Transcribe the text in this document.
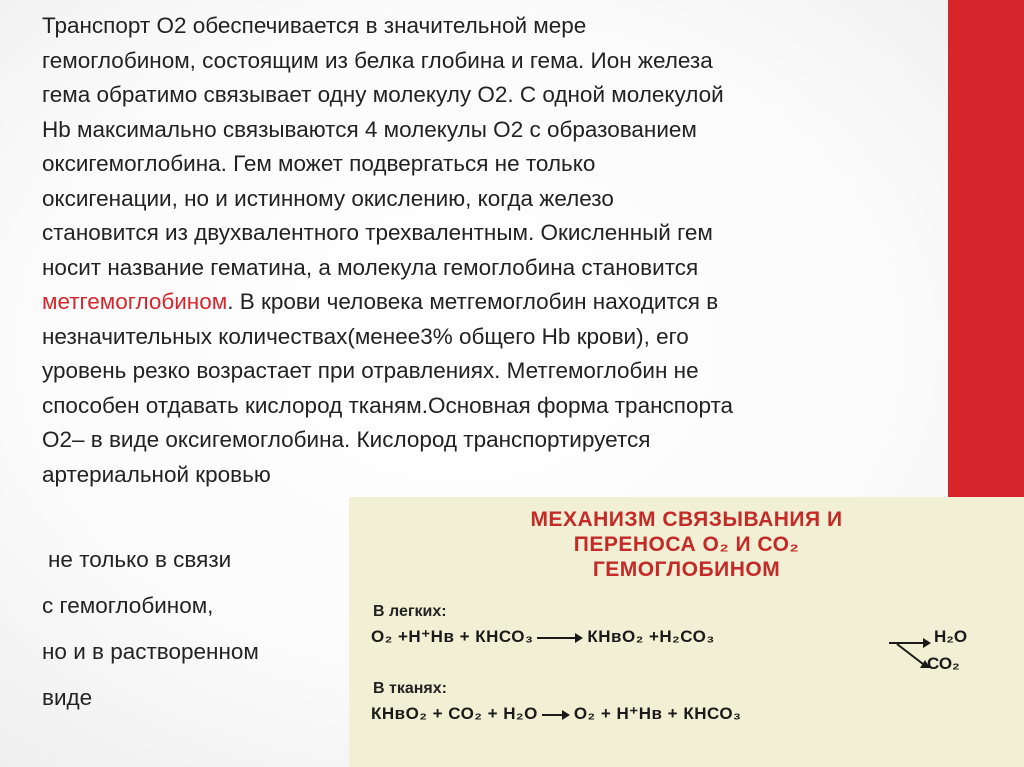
Транспорт О2 обеспечивается в значительной мере
гемоглобином, состоящим из белка глобина и гема. Ион железа
гема обратимо связывает одну молекулу О2. С одной молекулой
Hb максимально связываются 4 молекулы О2 с образованием
оксигемоглобина. Гем может подвергаться не только
оксигенации, но и истинному окислению, когда железо
становится из двухвалентного трехвалентным. Окисленный гем
носит название гематина, а молекула гемоглобина становится
метгемоглобином. В крови человека метгемоглобин находится в
незначительных количествах(менее3% общего Hb крови), его
уровень резко возрастает при отравлениях. Метгемоглобин не
способен отдавать кислород тканям.Основная форма транспорта
О2– в виде оксигемоглобина. Кислород транспортируется
артериальной кровью

не только в связи
с гемоглобином,
но и в растворенном
виде
МЕХАНИЗМ СВЯЗЫВАНИЯ И
ПЕРЕНОСА О₂ И СО₂
ГЕМОГЛОБИНОМ
В легких:
О₂ +Н⁺Нв + КНСО₃	КНвО₂ +Н₂СО₃	Н₂О
СО₂
В тканях:
КНвО₂ + СО₂ + Н₂О О₂ + Н⁺Нв + КНСО₃
